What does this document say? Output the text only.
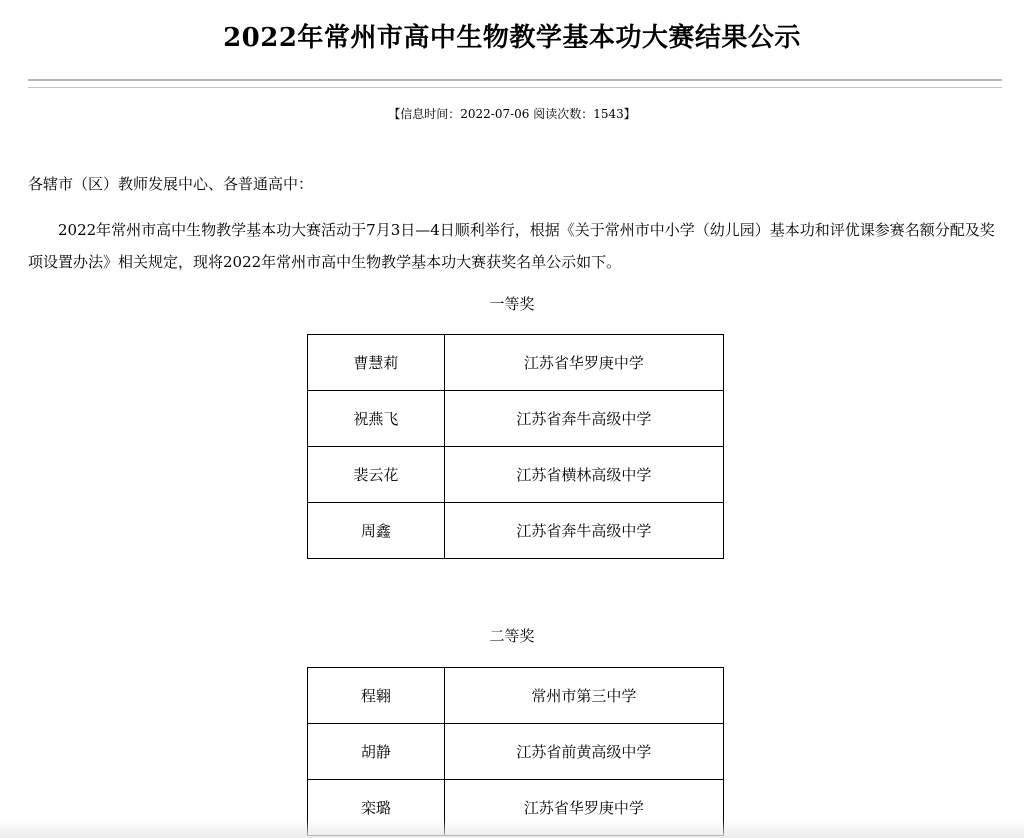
2022年常州市高中生物教学基本功大赛结果公示
【信息时间：2022-07-06 阅读次数：1543】
各辖市（区）教师发展中心、各普通高中：

2022年常州市高中生物教学基本功大赛活动于7月3日—4日顺利举行，根据《关于常州市中小学（幼儿园）基本功和评优课参赛名额分配及奖项设置办法》相关规定，现将2022年常州市高中生物教学基本功大赛获奖名单公示如下。

一等奖
曹慧莉	江苏省华罗庚中学
祝燕飞	江苏省奔牛高级中学
裴云花	江苏省横林高级中学
周鑫	江苏省奔牛高级中学
二等奖
程翱	常州市第三中学
胡静	江苏省前黄高级中学
栾璐	江苏省华罗庚中学
